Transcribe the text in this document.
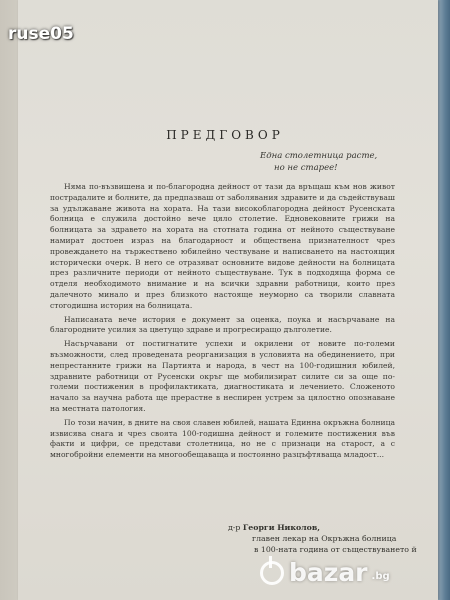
ruse05
ПРЕДГОВОР
Една столетница расте,
но не старее!

Няма по-възвишена и по-благородна дейност от тази да връщаш към нов живот пострадалите и болните, да предпазваш от заболявания здравите и да съдействуваш за удължаване живота на хората. На тази високоблагородна дейност Русенската болница е служила достойно вече цяло столетие. Едновековните грижи на болницата за здравето на хората на стотната година от нейното съществуване намират достоен израз на благодарност и обществена признателност чрез провеждането на тържествено юбилейно чествуване и написването на настоящия исторически очерк. В него се отразяват основните видове дейности на болницата през различните периоди от нейното съществуване. Тук в подходяща форма се отделя необходимото внимание и на всички здравни работници, които през далечното минало и през близкото настояще неуморно са творили славната стогодишна история на болницата.

Написаната вече история е документ за оценка, поука и насърчаване на благородните усилия за цветущо здраве и прогресиращо дълголетие.

Насърчавани от постигнатите успехи и окрилени от новите по-големи възможности, след проведената реорганизация в условията на обединението, при непрестанните грижи на Партията и народа, в чест на 100-годишния юбилей, здравните работници от Русенски окръг ще мобилизират силите си за още по-големи постижения в профилактиката, диагностиката и лечението. Сложеното начало за научна работа ще прерастне в неспирен устрем за цялостно опознаване на местната патология.

По този начин, в дните на своя славен юбилей, нашата Единна окръжна болница извисява снага и чрез своята 100-годишна дейност и големите постижения във факти и цифри, се представи столетница, но не с признаци на старост, а с многобройни елементи на многообещаваща и постоянно разцъфтяваща младост...

д-р Георги Николов,
главен лекар на Окръжна болница
в 100-ната година от съществуването й
bazar .bg
